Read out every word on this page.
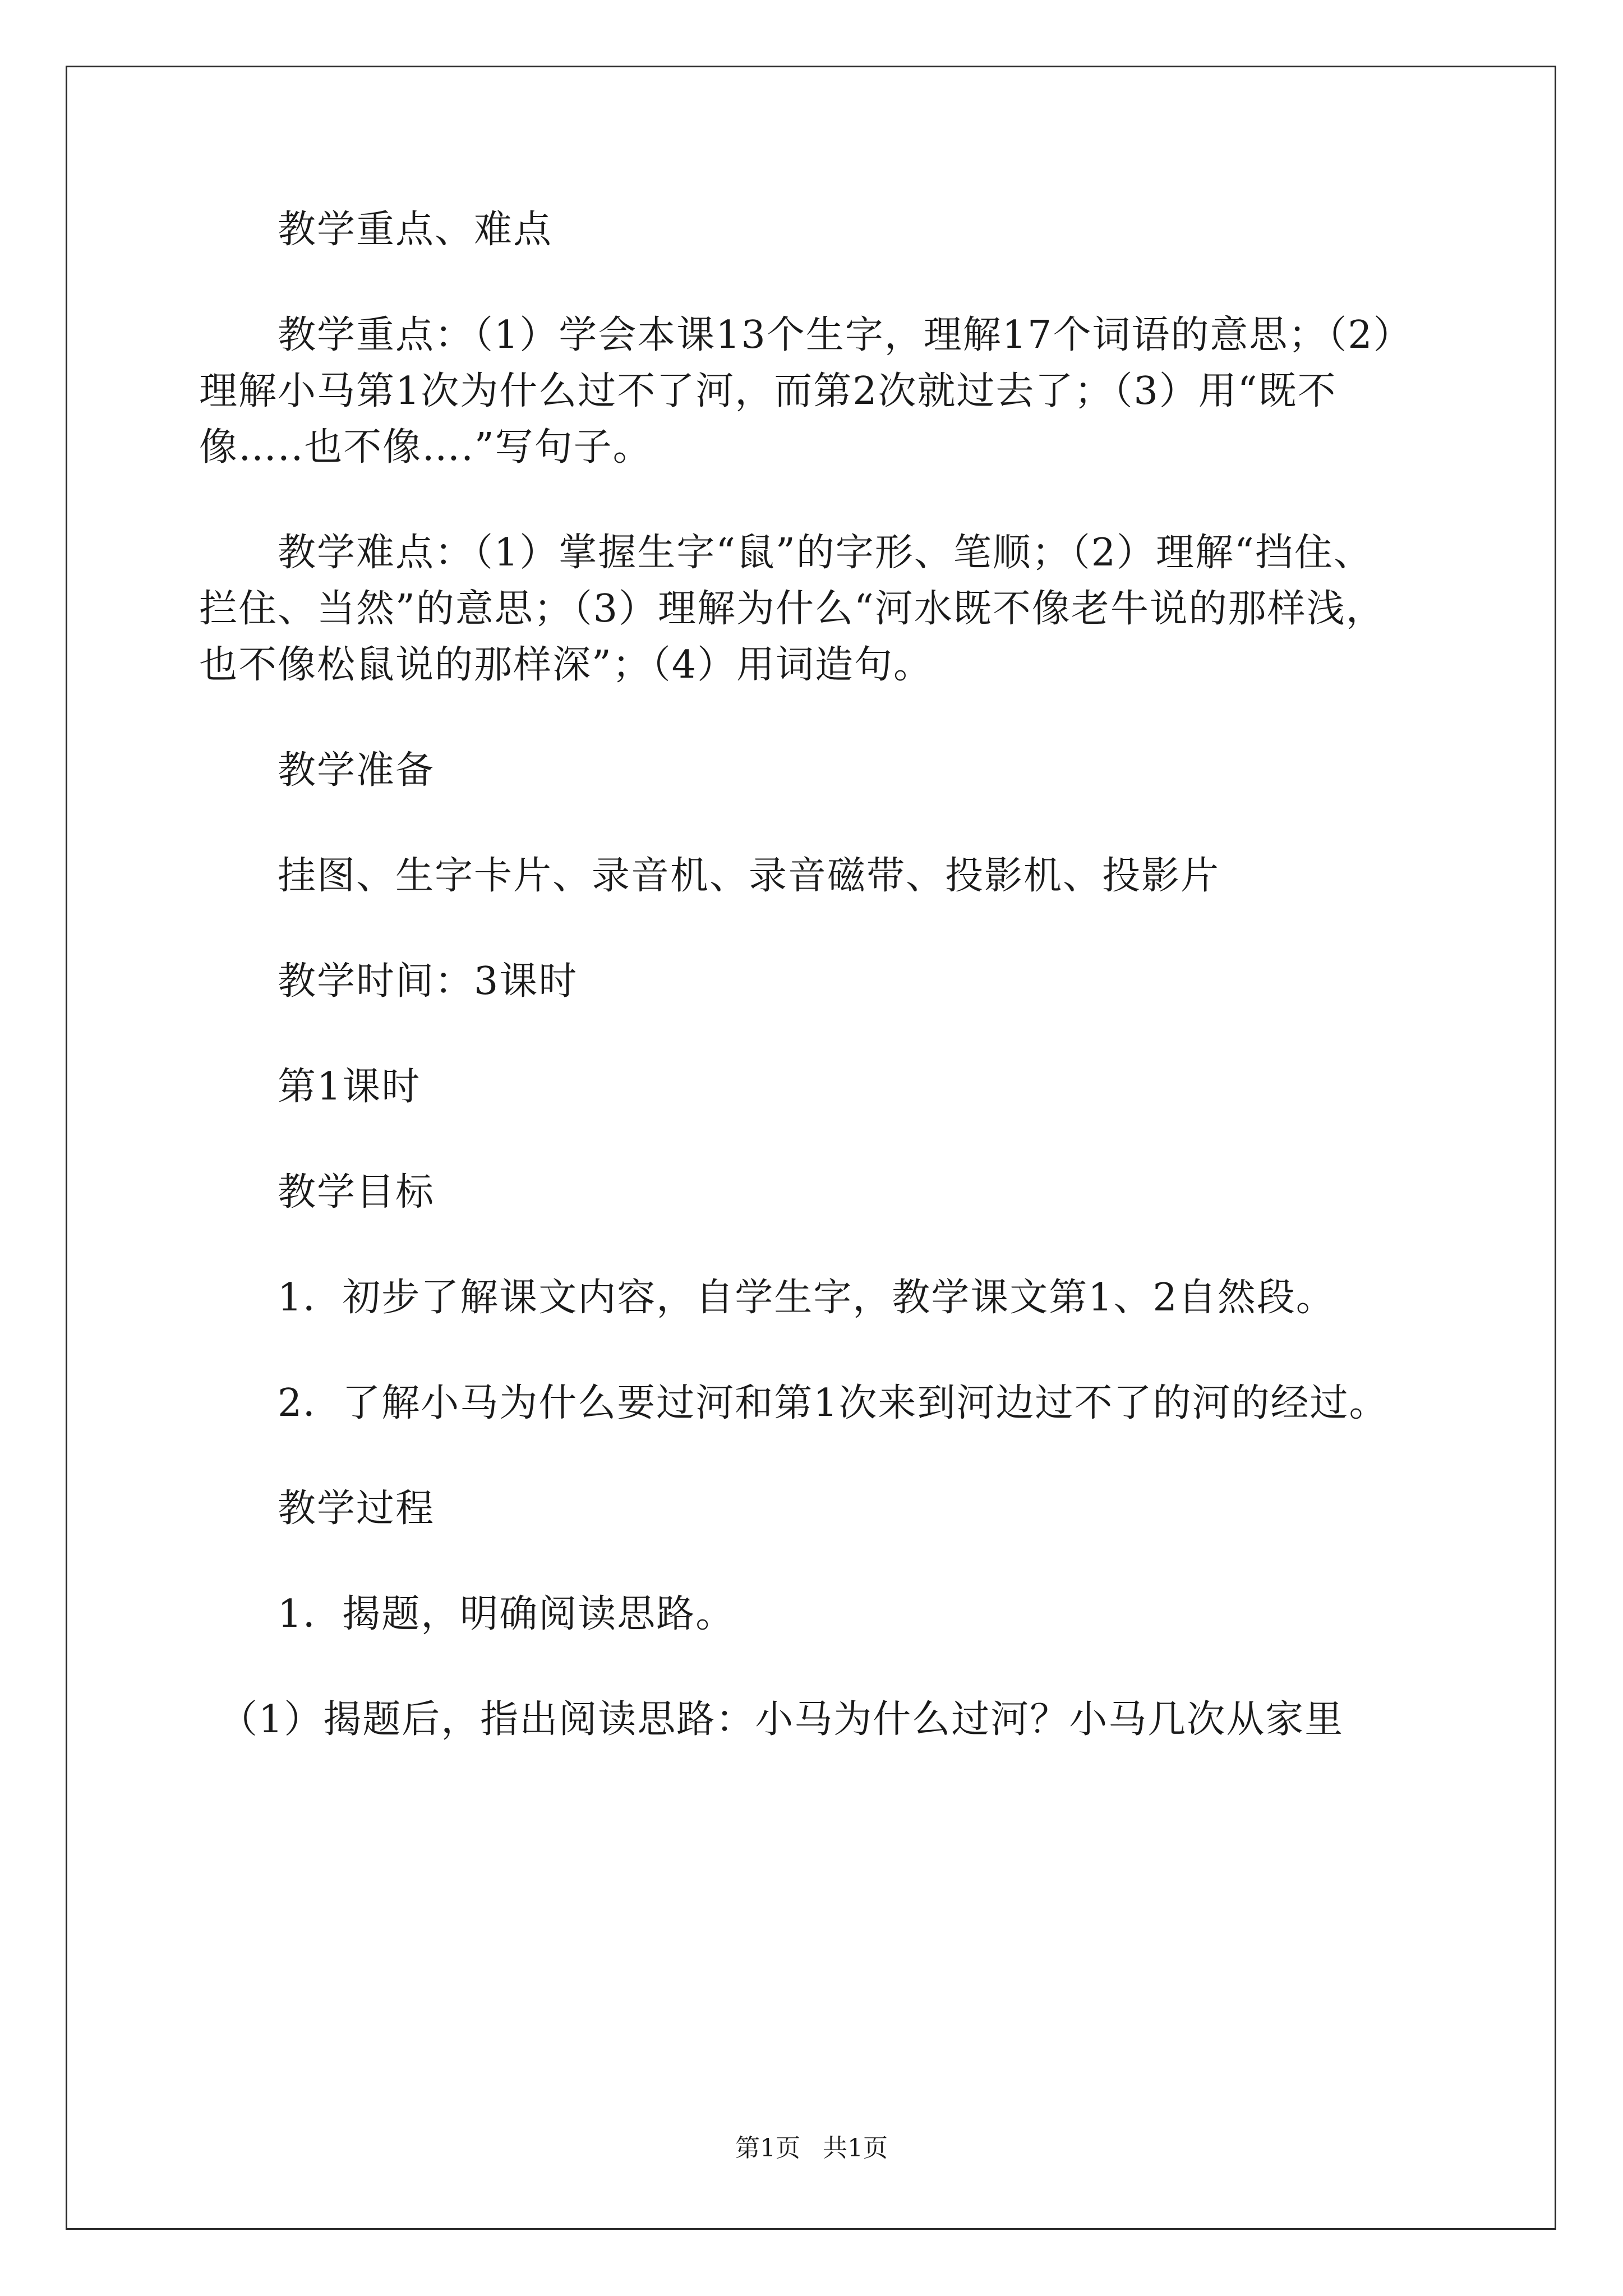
　　教学重点、难点
　　教学重点：（1）学会本课13个生字，理解17个词语的意思；（2）
理解小马第1次为什么过不了河，而第2次就过去了；（3）用“既不
像…..也不像….”写句子。
　　教学难点：（1）掌握生字“鼠”的字形、笔顺；（2）理解“挡住、
拦住、当然”的意思；（3）理解为什么“河水既不像老牛说的那样浅，
也不像松鼠说的那样深”；（4）用词造句。
　　教学准备
　　挂图、生字卡片、录音机、录音磁带、投影机、投影片
　　教学时间：3课时
　　第1课时
　　教学目标
　　1．初步了解课文内容，自学生字，教学课文第1、2自然段。
　　2．了解小马为什么要过河和第1次来到河边过不了的河的经过。
　　教学过程
　　1．揭题，明确阅读思路。
　（1）揭题后，指出阅读思路：小马为什么过河？小马几次从家里
第1页 共1页
